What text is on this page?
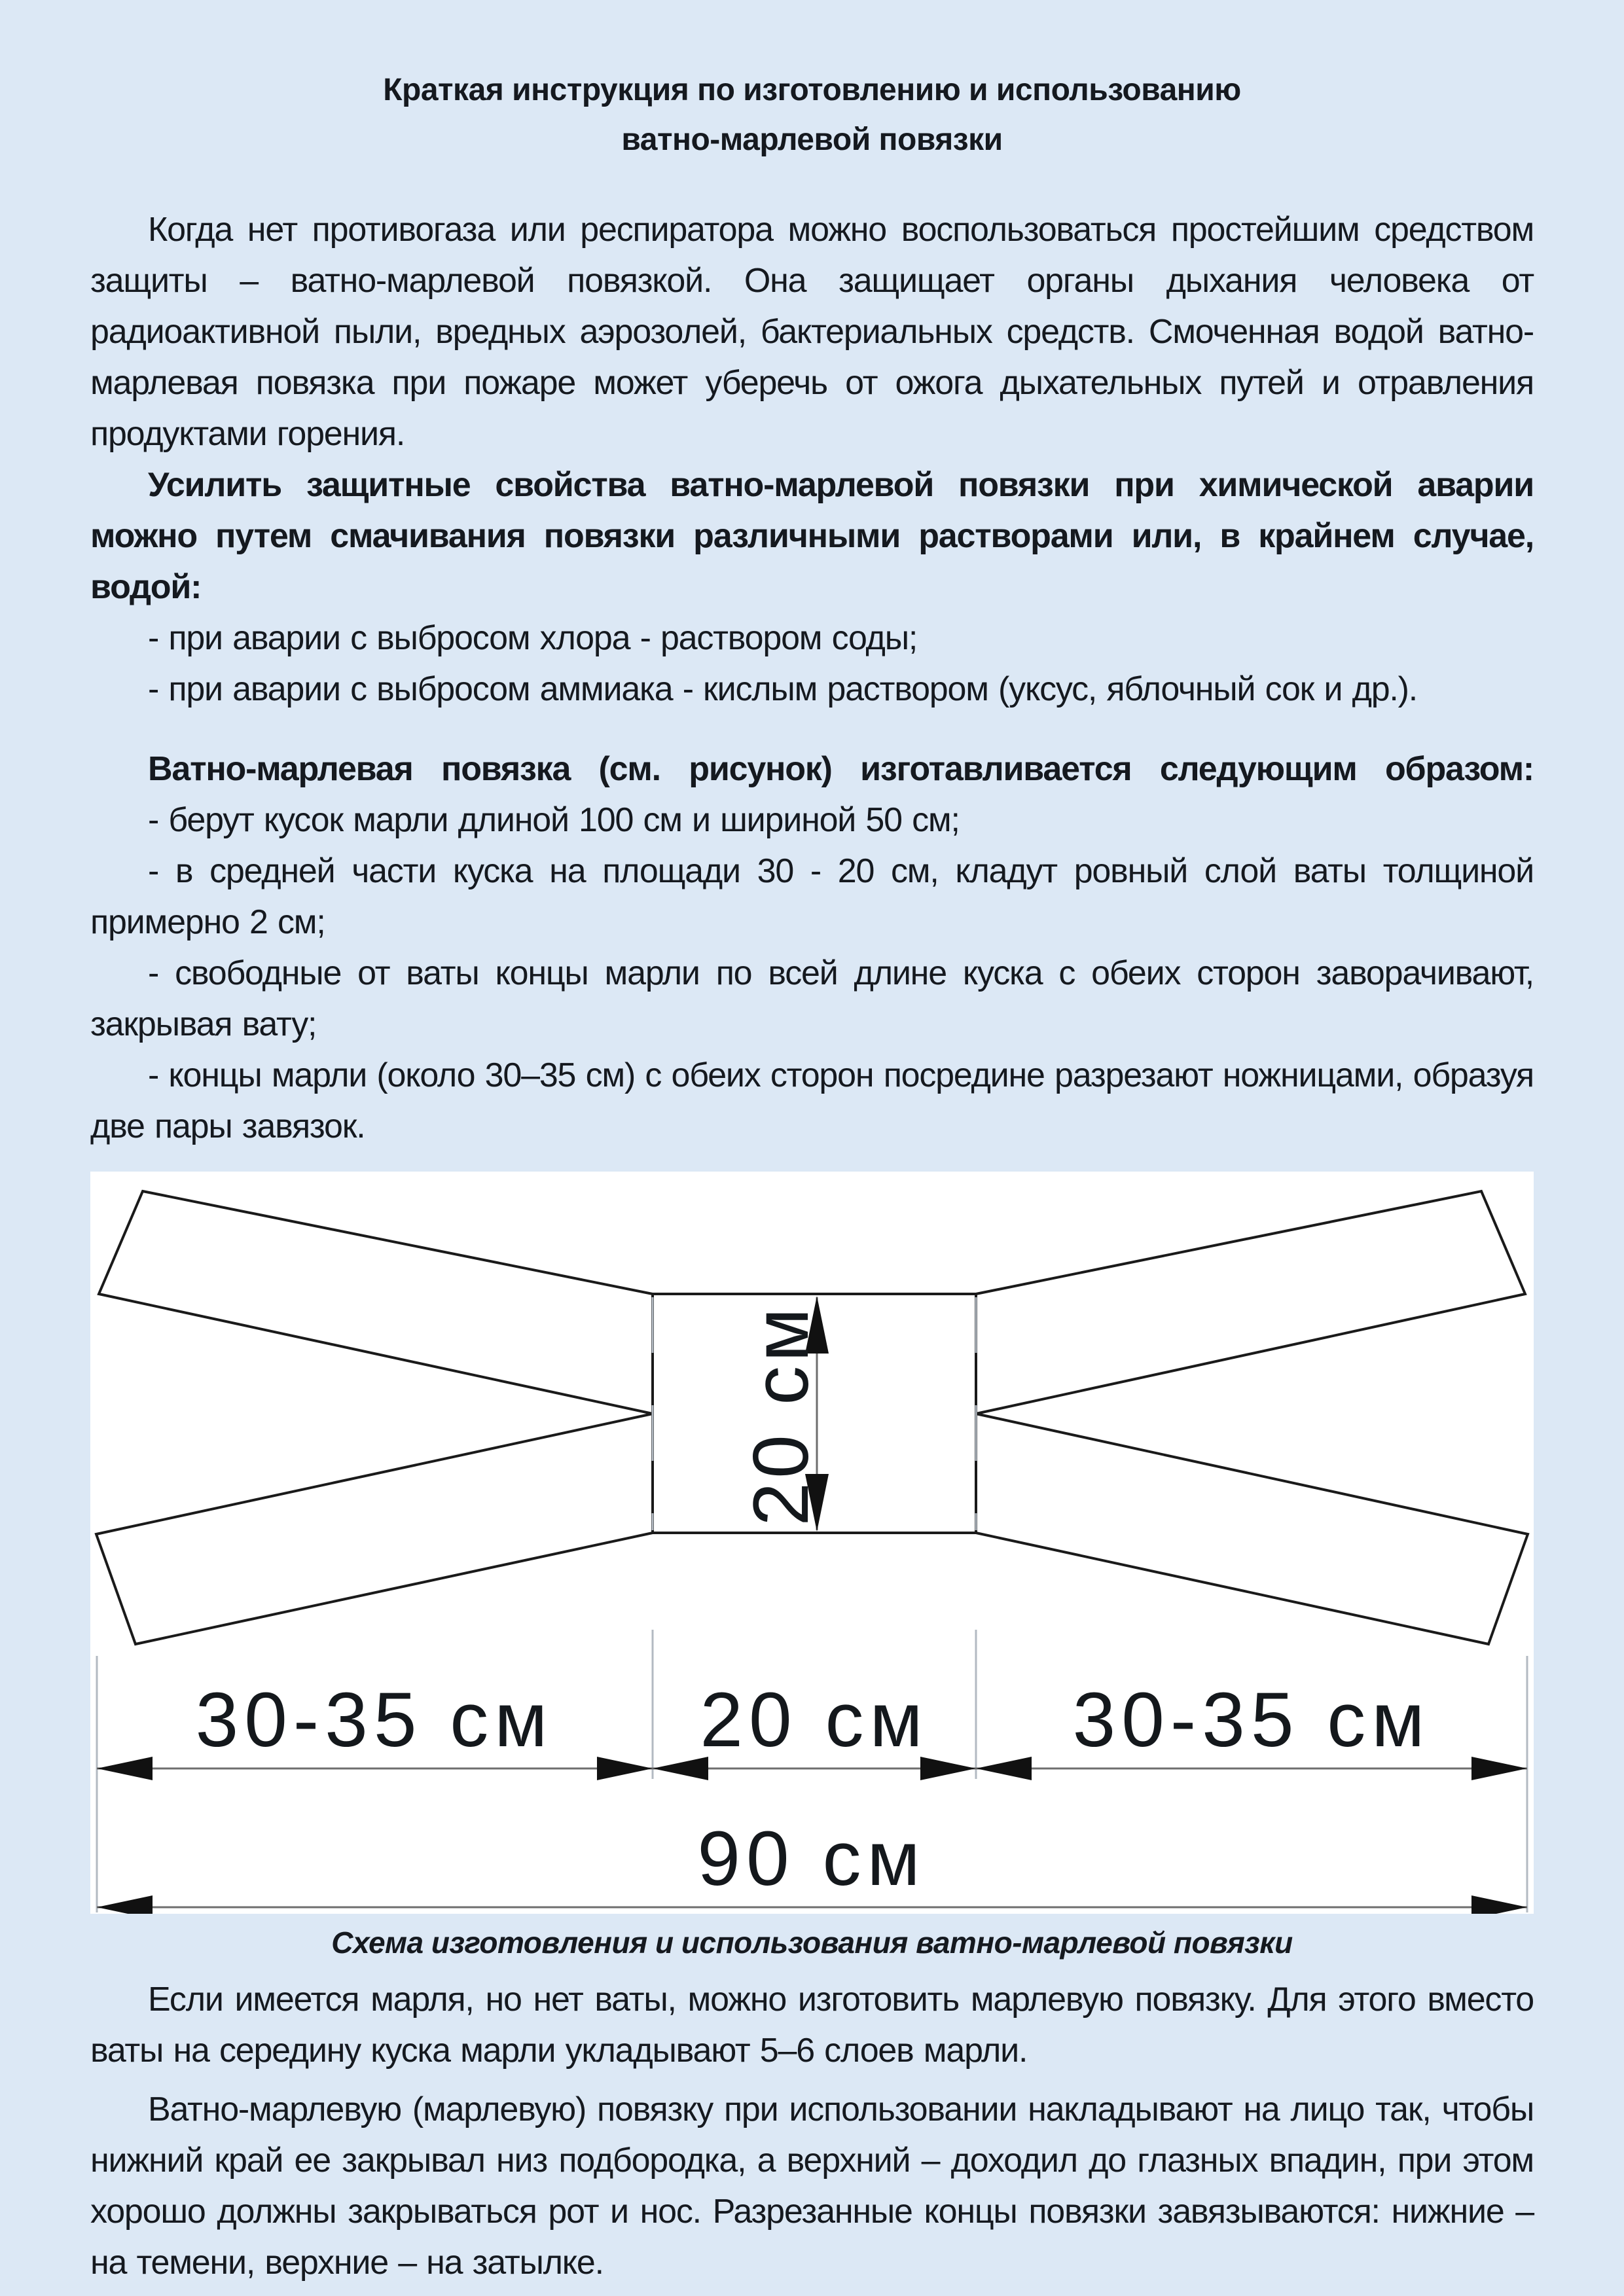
Краткая инструкция по изготовлению и использованию
ватно-марлевой повязки

Когда нет противогаза или респиратора можно воспользоваться простейшим средством защиты – ватно-марлевой повязкой. Она защищает органы дыхания человека от радиоактивной пыли, вредных аэрозолей, бактериальных средств. Смоченная водой ватно-марлевая повязка при пожаре может уберечь от ожога дыхательных путей и отравления продуктами горения.

Усилить защитные свойства ватно-марлевой повязки при химической аварии можно путем смачивания повязки различными растворами или, в крайнем случае, водой:

- при аварии с выбросом хлора - раствором соды;

- при аварии с выбросом аммиака - кислым раствором (уксус, яблочный сок и др.).

Ватно-марлевая повязка (см. рисунок) изготавливается следующим образом:

- берут кусок марли длиной 100 см и шириной 50 см;

- в средней части куска на площади 30 - 20 см, кладут ровный слой ваты толщиной примерно 2 см;

- свободные от ваты концы марли по всей длине куска с обеих сторон заворачивают, закрывая вату;

- концы марли (около 30–35 см) с обеих сторон посредине разрезают ножницами, образуя две пары завязок.

20 см
30-35 см 20 см 30-35 см
90 см
Схема изготовления и использования ватно-марлевой повязки

Если имеется марля, но нет ваты, можно изготовить марлевую повязку. Для этого вместо ваты на середину куска марли укладывают 5–6 слоев марли.

Ватно-марлевую (марлевую) повязку при использовании накладывают на лицо так, чтобы нижний край ее закрывал низ подбородка, а верхний – доходил до глазных впадин, при этом хорошо должны закрываться рот и нос. Разрезанные концы повязки завязываются: нижние – на темени, верхние – на затылке.
